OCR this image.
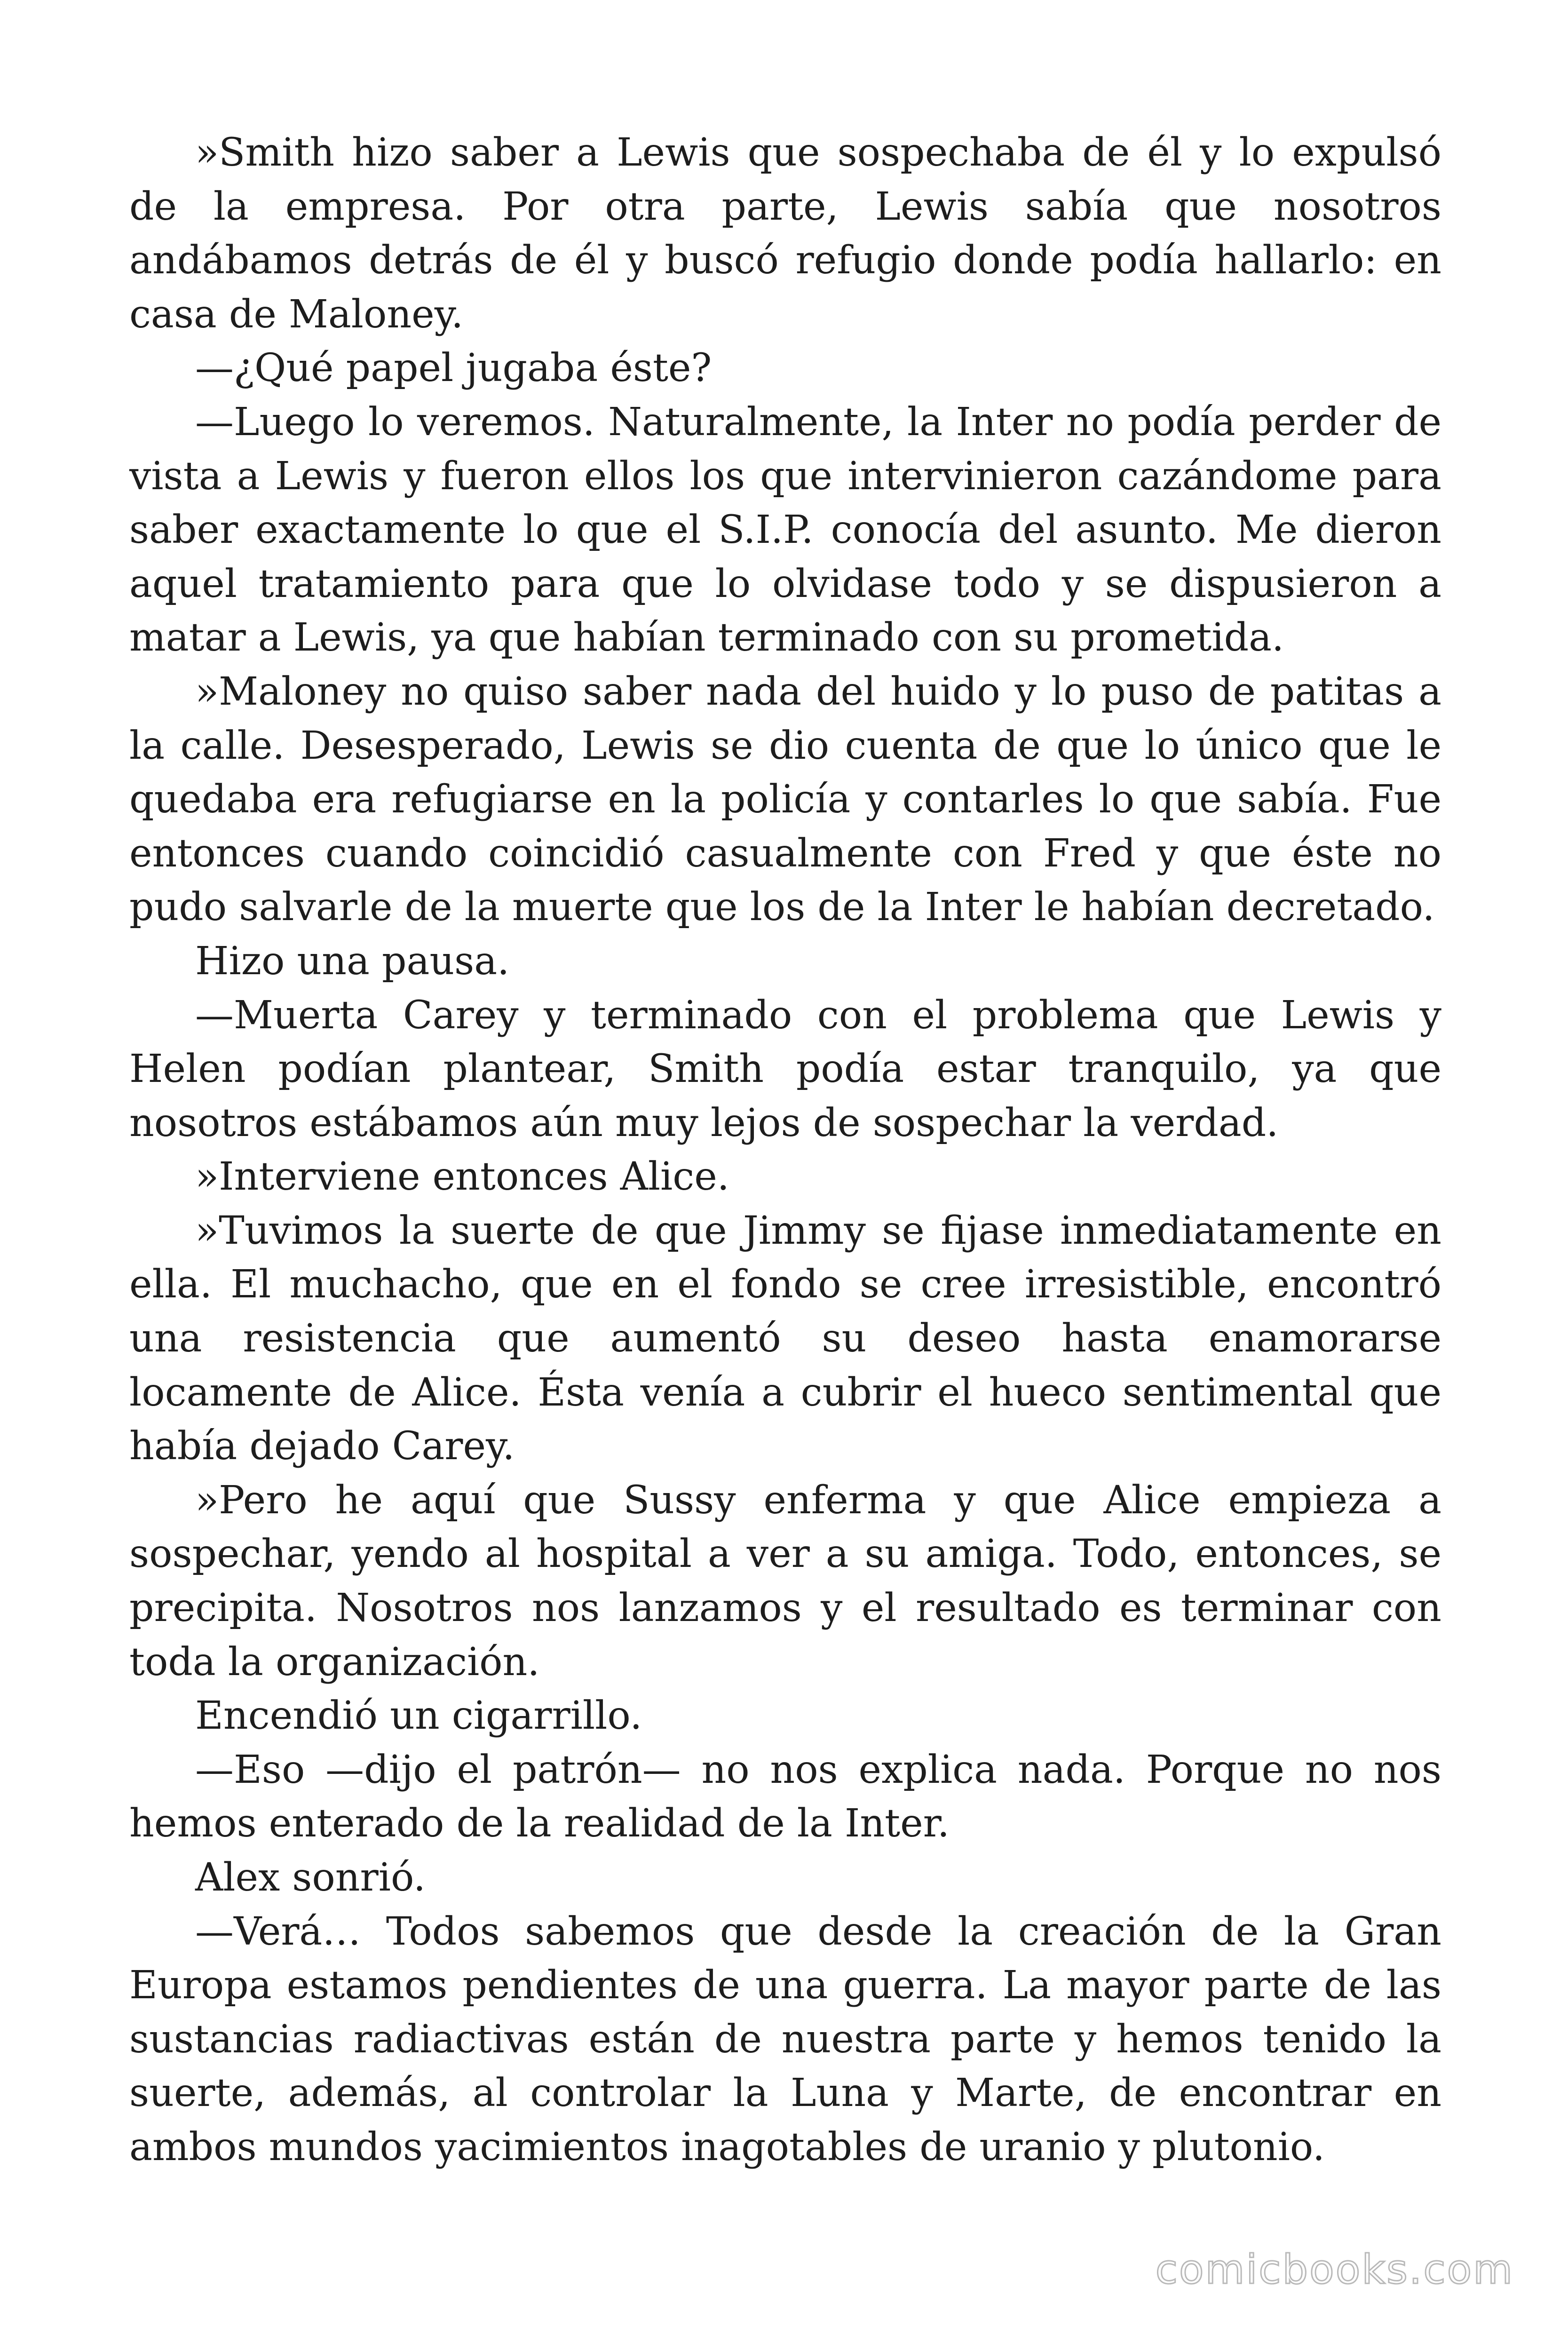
»Smith hizo saber a Lewis que sospechaba de él y lo expulsó de la empresa. Por otra parte, Lewis sabía que nosotros andábamos detrás de él y buscó refugio donde podía hallarlo: en casa de Maloney.

—¿Qué papel jugaba éste?

—Luego lo veremos. Naturalmente, la Inter no podía perder de vista a Lewis y fueron ellos los que intervinieron cazándome para saber exactamente lo que el S.I.P. conocía del asunto. Me dieron aquel tratamiento para que lo olvidase todo y se dispusieron a matar a Lewis, ya que habían terminado con su prometida.

»Maloney no quiso saber nada del huido y lo puso de patitas a la calle. Desesperado, Lewis se dio cuenta de que lo único que le quedaba era refugiarse en la policía y contarles lo que sabía. Fue entonces cuando coincidió casualmente con Fred y que éste no pudo salvarle de la muerte que los de la Inter le habían decretado.

Hizo una pausa.

—Muerta Carey y terminado con el problema que Lewis y Helen podían plantear, Smith podía estar tranquilo, ya que nosotros estábamos aún muy lejos de sospechar la verdad.

»Interviene entonces Alice.

»Tuvimos la suerte de que Jimmy se fijase inmediatamente en ella. El muchacho, que en el fondo se cree irresistible, encontró una resistencia que aumentó su deseo hasta enamorarse locamente de Alice. Ésta venía a cubrir el hueco sentimental que había dejado Carey.

»Pero he aquí que Sussy enferma y que Alice empieza a sospechar, yendo al hospital a ver a su amiga. Todo, entonces, se precipita. Nosotros nos lanzamos y el resultado es terminar con toda la organización.

Encendió un cigarrillo.

—Eso —dijo el patrón— no nos explica nada. Porque no nos hemos enterado de la realidad de la Inter.

Alex sonrió.

—Verá… Todos sabemos que desde la creación de la Gran Europa estamos pendientes de una guerra. La mayor parte de las sustancias radiactivas están de nuestra parte y hemos tenido la suerte, además, al controlar la Luna y Marte, de encontrar en ambos mundos yacimientos inagotables de uranio y plutonio.

comicbooks.com
